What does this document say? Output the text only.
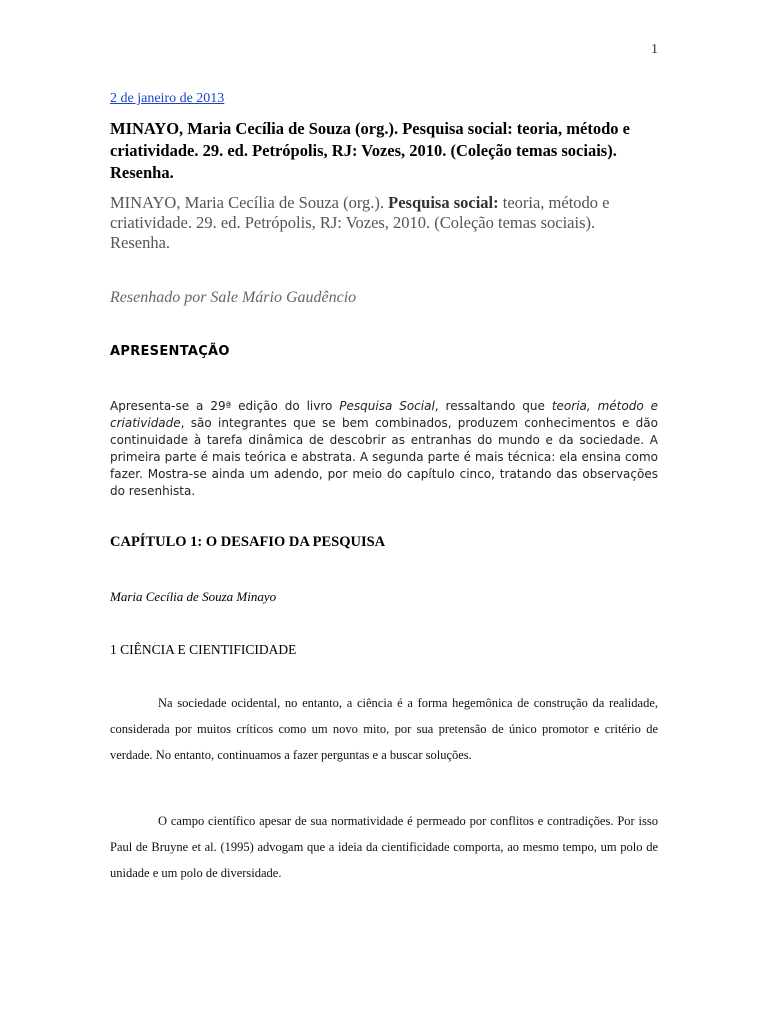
1
2 de janeiro de 2013
MINAYO, Maria Cecília de Souza (org.). Pesquisa social: teoria, método e criatividade. 29. ed. Petrópolis, RJ: Vozes, 2010. (Coleção temas sociais). Resenha.
MINAYO, Maria Cecília de Souza (org.). Pesquisa social: teoria, método e criatividade. 29. ed. Petrópolis, RJ: Vozes, 2010. (Coleção temas sociais). Resenha.
Resenhado por Sale Mário Gaudêncio
APRESENTAÇÃO

Apresenta-se a 29ª edição do livro Pesquisa Social, ressaltando que teoria, método e criatividade, são integrantes que se bem combinados, produzem conhecimentos e dão continuidade à tarefa dinâmica de descobrir as entranhas do mundo e da sociedade. A primeira parte é mais teórica e abstrata. A segunda parte é mais técnica: ela ensina como fazer. Mostra-se ainda um adendo, por meio do capítulo cinco, tratando das observações do resenhista.

CAPÍTULO 1: O DESAFIO DA PESQUISA
Maria Cecília de Souza Minayo
1 CIÊNCIA E CIENTIFICIDADE

Na sociedade ocidental, no entanto, a ciência é a forma hegemônica de construção da realidade, considerada por muitos críticos como um novo mito, por sua pretensão de único promotor e critério de verdade. No entanto, continuamos a fazer perguntas e a buscar soluções.

O campo científico apesar de sua normatividade é permeado por conflitos e contradições. Por isso Paul de Bruyne et al. (1995) advogam que a ideia da cientificidade comporta, ao mesmo tempo, um polo de unidade e um polo de diversidade.
